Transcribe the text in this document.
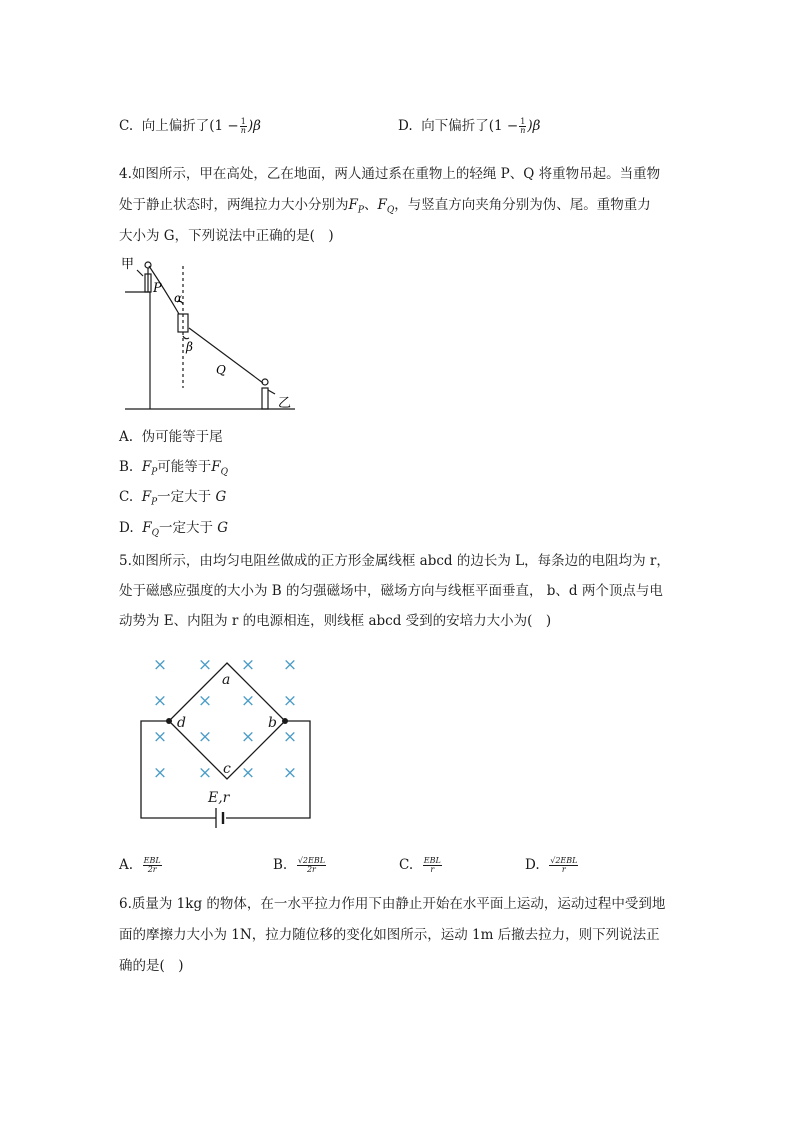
C. 向上偏折了$(1 - \frac{1}{n} )\beta$	D. 向下偏折了$(1 - \frac{1}{n} )\beta$
4.如图所示，甲在高处，乙在地面，两人通过系在重物上的轻绳 P、Q 将重物吊起。当重物
处于静止状态时，两绳拉力大小分别为$F_P$、$F_Q$，与竖直方向夹角分别为伪、尾。重物重力
大小为 G，下列说法中正确的是(　)
甲
乙
P
Q
α
β
A. 伪可能等于尾
B. $F_P$可能等于$F_Q$
C. $F_P$一定大于 G
D. $F_Q$一定大于 G
5.如图所示，由均匀电阻丝做成的正方形金属线框 abcd 的边长为 L，每条边的电阻均为 r，
处于磁感应强度的大小为 B 的匀强磁场中，磁场方向与线框平面垂直， b、d 两个顶点与电
动势为 E、内阻为 r 的电源相连，则线框 abcd 受到的安培力大小为(　)
× × × ×
× × × ×
× × × ×
× × × ×
a
b
c
d
E,r
A. $\frac{\text{EBL}}{2r}$	B. $\frac{\text{√2EBL}}{2r}$	C. $\frac{\text{EBL}}{r}$	D. $\frac{\text{√2EBL}}{r}$
6.质量为 1kg 的物体，在一水平拉力作用下由静止开始在水平面上运动，运动过程中受到地
面的摩擦力大小为 1N，拉力随位移的变化如图所示，运动 1m 后撤去拉力，则下列说法正
确的是(　)
